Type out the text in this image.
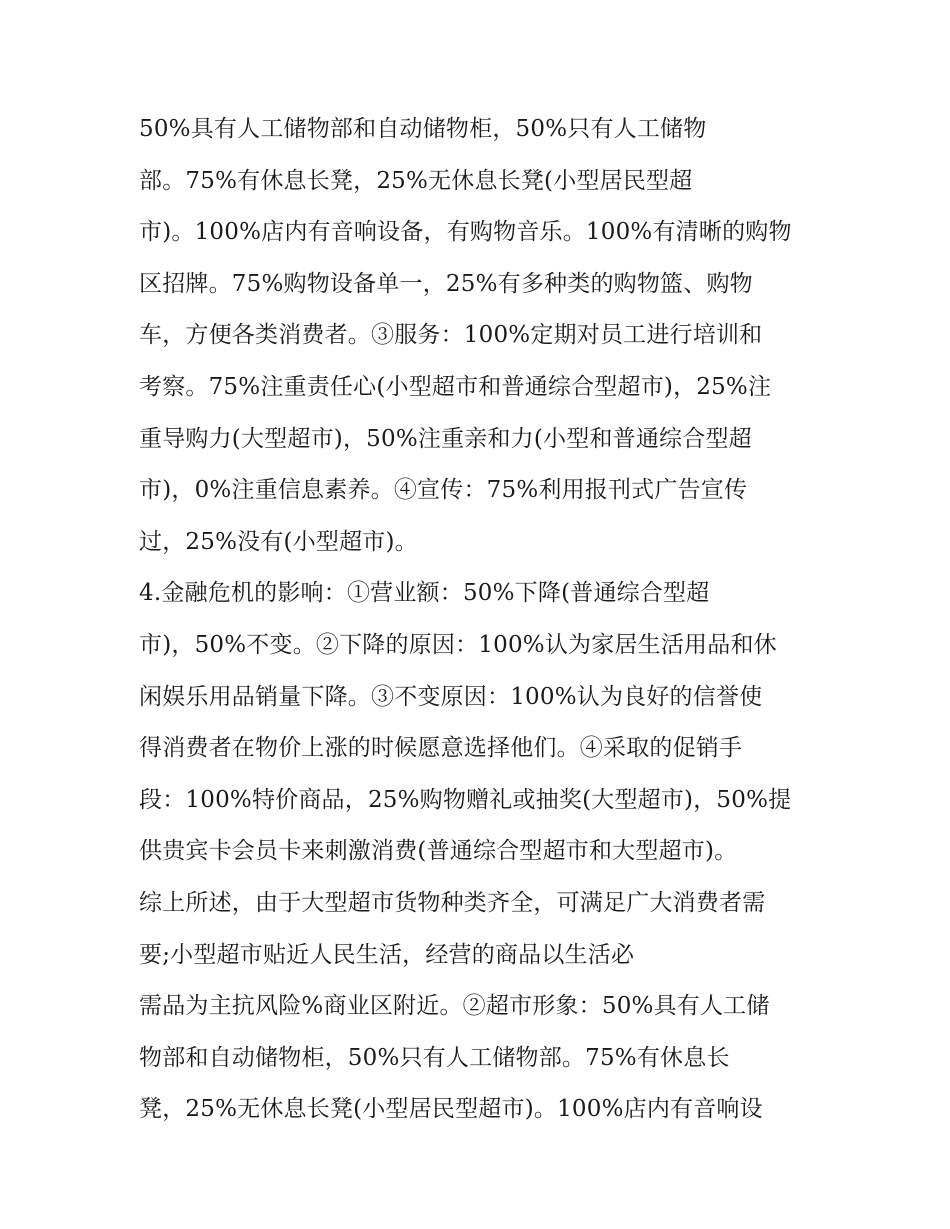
50%具有人工储物部和自动储物柜，50%只有人工储物
部。75%有休息长凳，25%无休息长凳(小型居民型超
市)。100%店内有音响设备，有购物音乐。100%有清晰的购物
区招牌。75%购物设备单一，25%有多种类的购物篮、购物
车，方便各类消费者。③服务：100%定期对员工进行培训和
考察。75%注重责任心(小型超市和普通综合型超市)，25%注
重导购力(大型超市)，50%注重亲和力(小型和普通综合型超
市)，0%注重信息素养。④宣传：75%利用报刊式广告宣传
过，25%没有(小型超市)。
4.金融危机的影响：①营业额：50%下降(普通综合型超
市)，50%不变。②下降的原因：100%认为家居生活用品和休
闲娱乐用品销量下降。③不变原因：100%认为良好的信誉使
得消费者在物价上涨的时候愿意选择他们。④采取的促销手
段：100%特价商品，25%购物赠礼或抽奖(大型超市)，50%提
供贵宾卡会员卡来刺激消费(普通综合型超市和大型超市)。
综上所述，由于大型超市货物种类齐全，可满足广大消费者需
要;小型超市贴近人民生活，经营的商品以生活必
需品为主抗风险%商业区附近。②超市形象：50%具有人工储
物部和自动储物柜，50%只有人工储物部。75%有休息长
凳，25%无休息长凳(小型居民型超市)。100%店内有音响设
